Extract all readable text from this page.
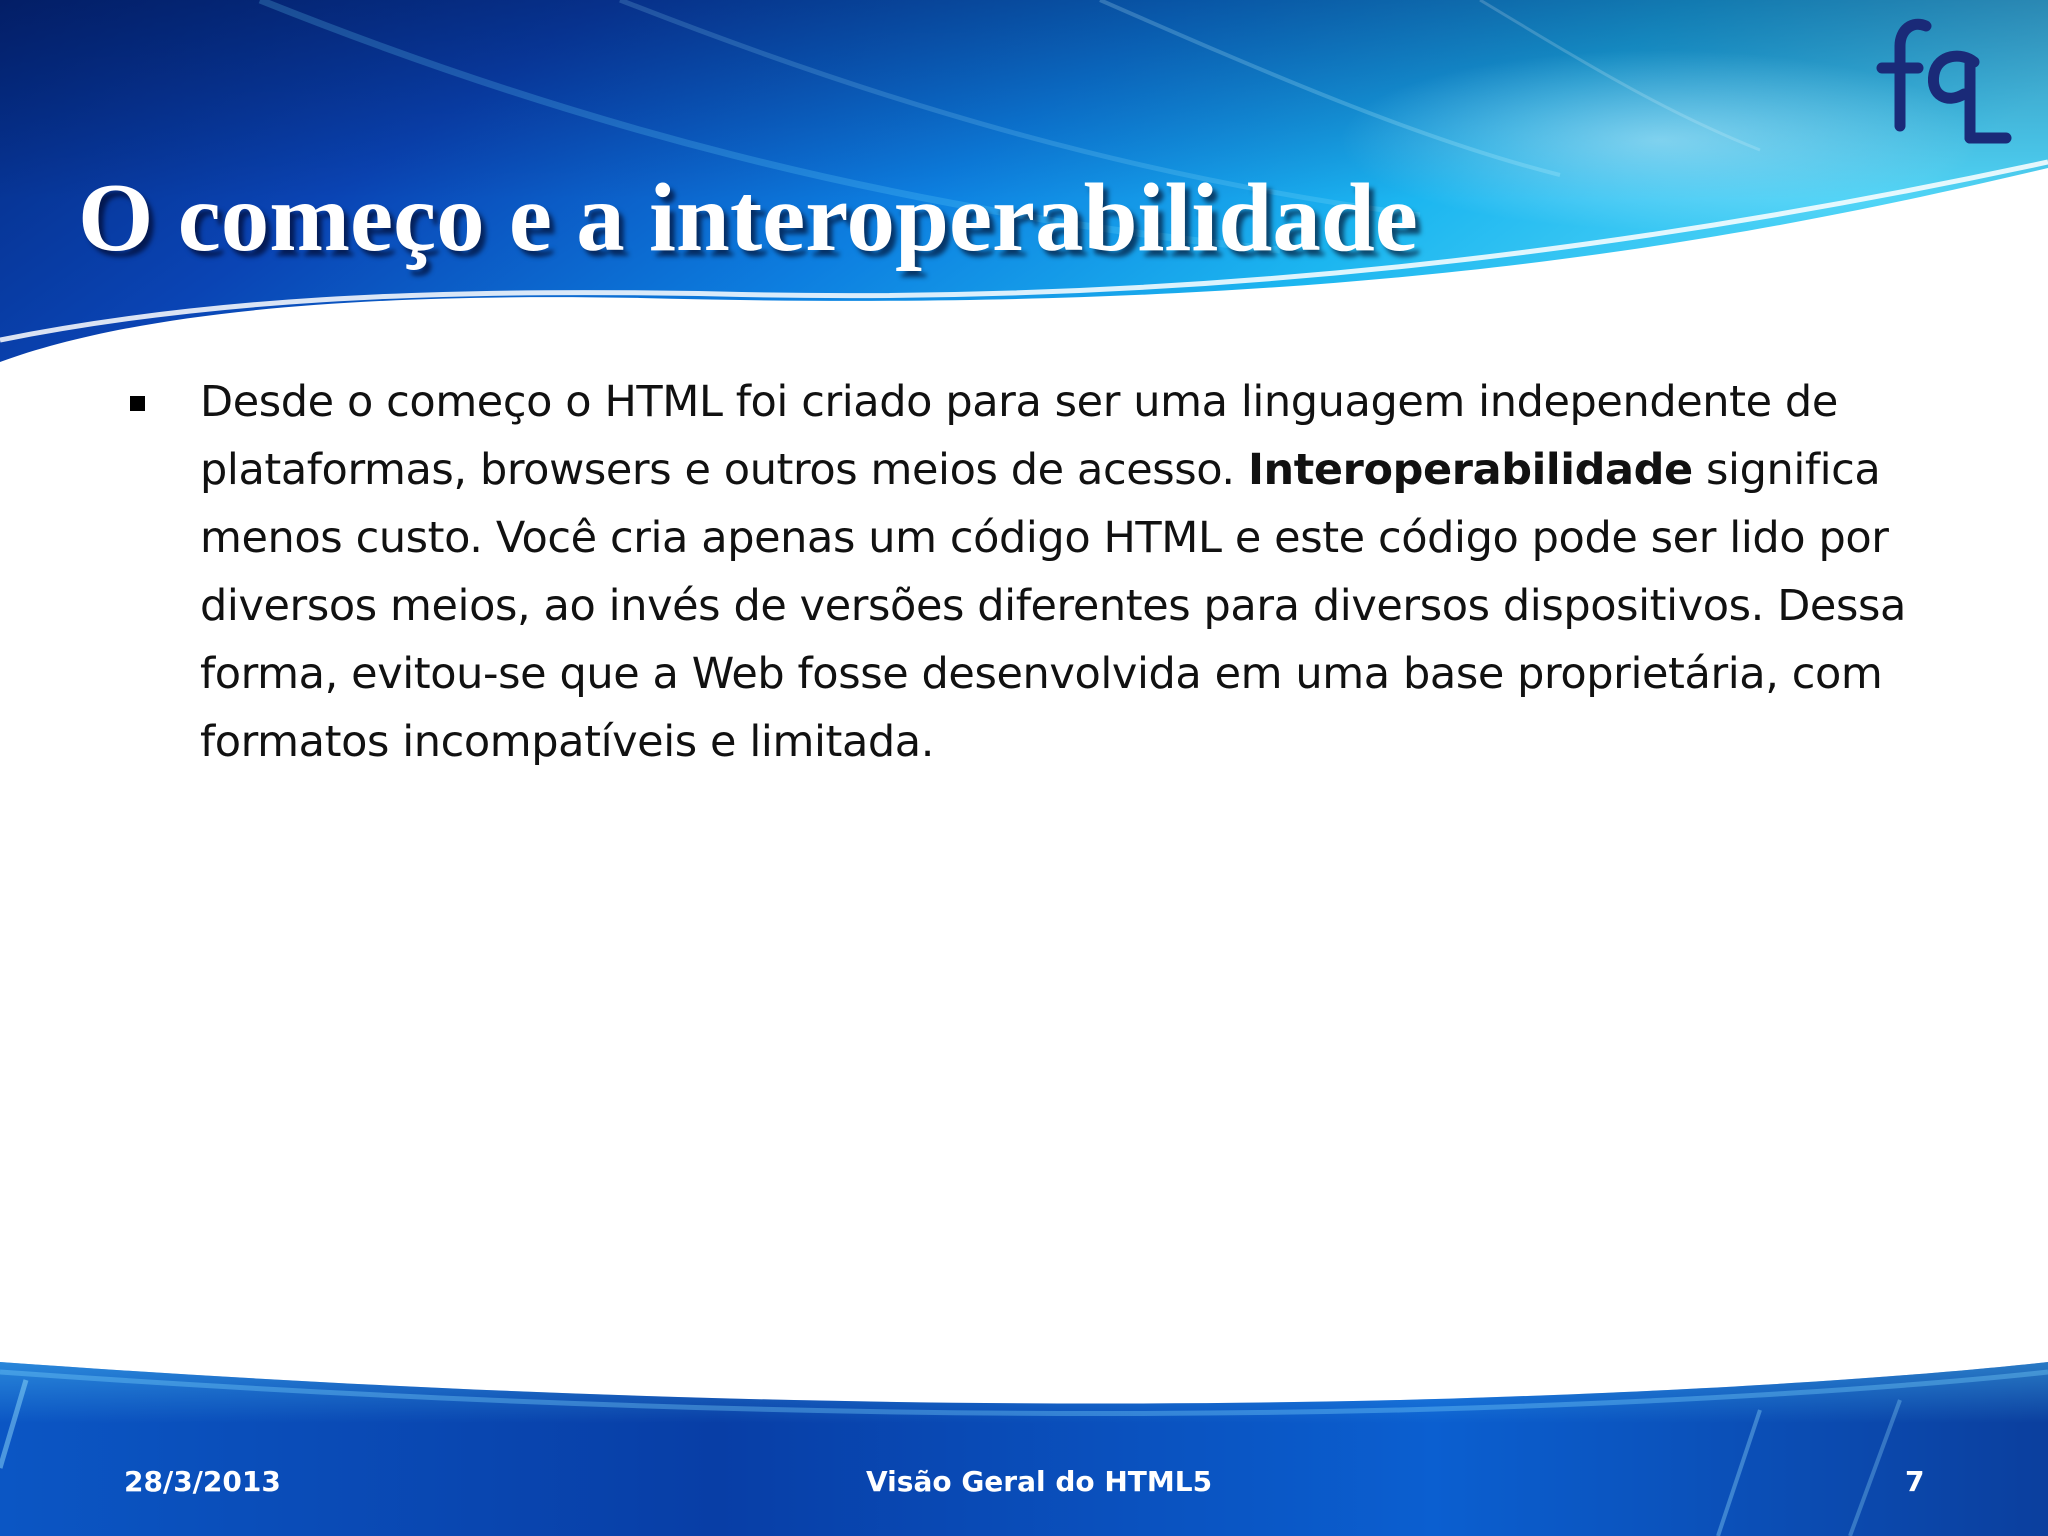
O começo e a interoperabilidade

Desde o começo o HTML foi criado para ser uma linguagem independente de plataformas, browsers e outros meios de acesso. Interoperabilidade significa menos custo. Você cria apenas um código HTML e este código pode ser lido por diversos meios, ao invés de versões diferentes para diversos dispositivos. Dessa forma, evitou-se que a Web fosse desenvolvida em uma base proprietária, com formatos incompatíveis e limitada.

28/3/2013	Visão Geral do HTML5	7
